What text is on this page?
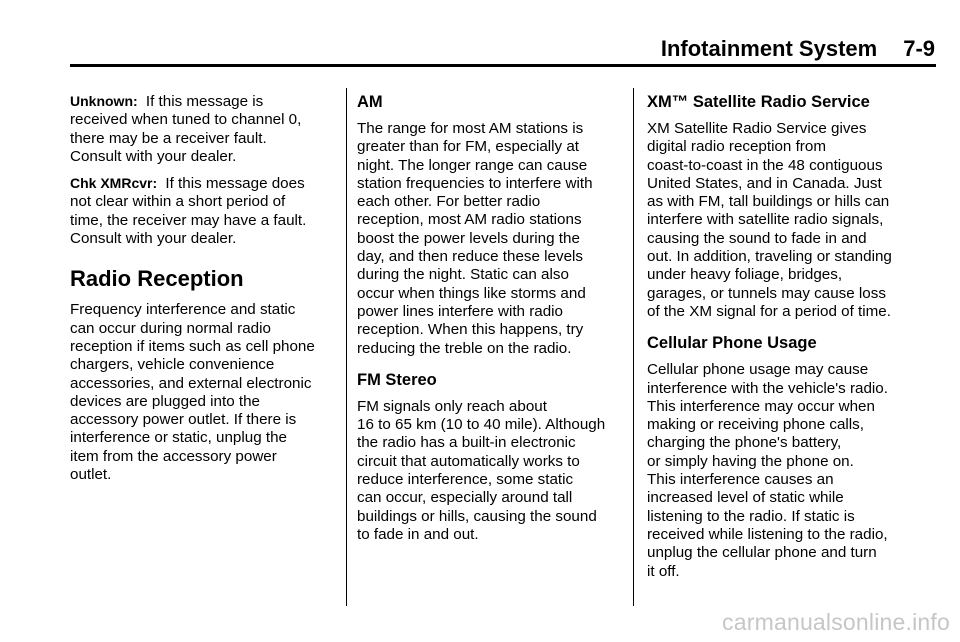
Infotainment System 7-9
Unknown: If this message is
received when tuned to channel 0,
there may be a receiver fault.
Consult with your dealer.
Chk XMRcvr: If this message does
not clear within a short period of
time, the receiver may have a fault.
Consult with your dealer.
Radio Reception
Frequency interference and static
can occur during normal radio
reception if items such as cell phone
chargers, vehicle convenience
accessories, and external electronic
devices are plugged into the
accessory power outlet. If there is
interference or static, unplug the
item from the accessory power
outlet.
AM
The range for most AM stations is
greater than for FM, especially at
night. The longer range can cause
station frequencies to interfere with
each other. For better radio
reception, most AM radio stations
boost the power levels during the
day, and then reduce these levels
during the night. Static can also
occur when things like storms and
power lines interfere with radio
reception. When this happens, try
reducing the treble on the radio.
FM Stereo
FM signals only reach about
16 to 65 km (10 to 40 mile). Although
the radio has a built-in electronic
circuit that automatically works to
reduce interference, some static
can occur, especially around tall
buildings or hills, causing the sound
to fade in and out.
XM™ Satellite Radio Service
XM Satellite Radio Service gives
digital radio reception from
coast-to-coast in the 48 contiguous
United States, and in Canada. Just
as with FM, tall buildings or hills can
interfere with satellite radio signals,
causing the sound to fade in and
out. In addition, traveling or standing
under heavy foliage, bridges,
garages, or tunnels may cause loss
of the XM signal for a period of time.
Cellular Phone Usage
Cellular phone usage may cause
interference with the vehicle's radio.
This interference may occur when
making or receiving phone calls,
charging the phone's battery,
or simply having the phone on.
This interference causes an
increased level of static while
listening to the radio. If static is
received while listening to the radio,
unplug the cellular phone and turn
it off.
carmanualsonline.info
